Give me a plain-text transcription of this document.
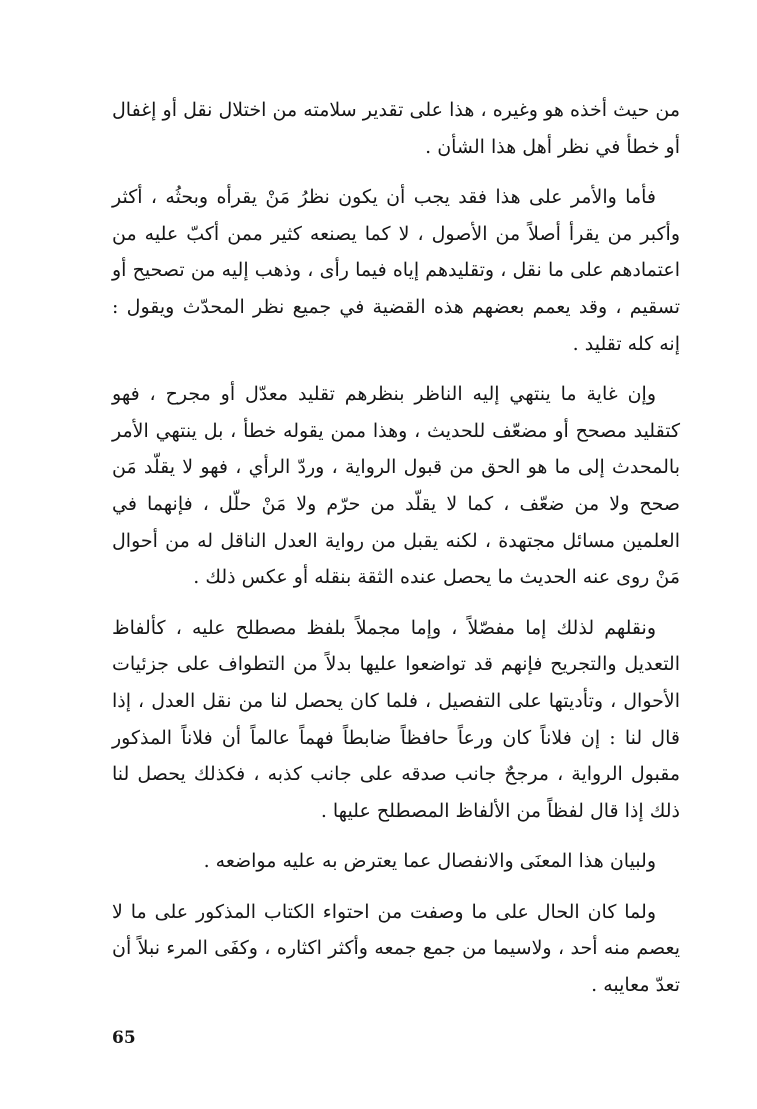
من حيث أخذه هو وغيره ، هذا على تقدير سلامته من اختلال نقل أو إغفال أو خطأ في نظر أهل هذا الشأن .

فأما والأمر على هذا فقد يجب أن يكون نظرُ مَنْ يقرأه وبحثُه ، أكثر وأكبر من يقرأ أصلاً من الأصول ، لا كما يصنعه كثير ممن أكبّ عليه من اعتمادهم على ما نقل ، وتقليدهم إياه فيما رأى ، وذهب إليه من تصحيح أو تسقيم ، وقد يعمم بعضهم هذه القضية في جميع نظر المحدّث ويقول : إنه كله تقليد .

وإن غاية ما ينتهي إليه الناظر بنظرهم تقليد معدّل أو مجرح ، فهو كتقليد مصحح أو مضعّف للحديث ، وهذا ممن يقوله خطأ ، بل ينتهي الأمر بالمحدث إلى ما هو الحق من قبول الرواية ، وردّ الرأي ، فهو لا يقلّد مَن صحح ولا من ضعّف ، كما لا يقلّد من حرّم ولا مَنْ حلّل ، فإنهما في العلمين مسائل مجتهدة ، لكنه يقبل من رواية العدل الناقل له من أحوال مَنْ روى عنه الحديث ما يحصل عنده الثقة بنقله أو عكس ذلك .

ونقلهم لذلك إما مفصّلاً ، وإما مجملاً بلفظ مصطلح عليه ، كألفاظ التعديل والتجريح فإنهم قد تواضعوا عليها بدلاً من التطواف على جزئيات الأحوال ، وتأديتها على التفصيل ، فلما كان يحصل لنا من نقل العدل ، إذا قال لنا : إن فلاناً كان ورعاً حافظاً ضابطاً فهماً عالماً أن فلاناً المذكور مقبول الرواية ، مرجحٌ جانب صدقه على جانب كذبه ، فكذلك يحصل لنا ذلك إذا قال لفظاً من الألفاظ المصطلح عليها .

ولبيان هذا المعنَى والانفصال عما يعترض به عليه مواضعه .

ولما كان الحال على ما وصفت من احتواء الكتاب المذكور على ما لا يعصم منه أحد ، ولاسيما من جمع جمعه وأكثر اكثاره ، وكفَى المرء نبلاً أن تعدّ معايبه .

65
